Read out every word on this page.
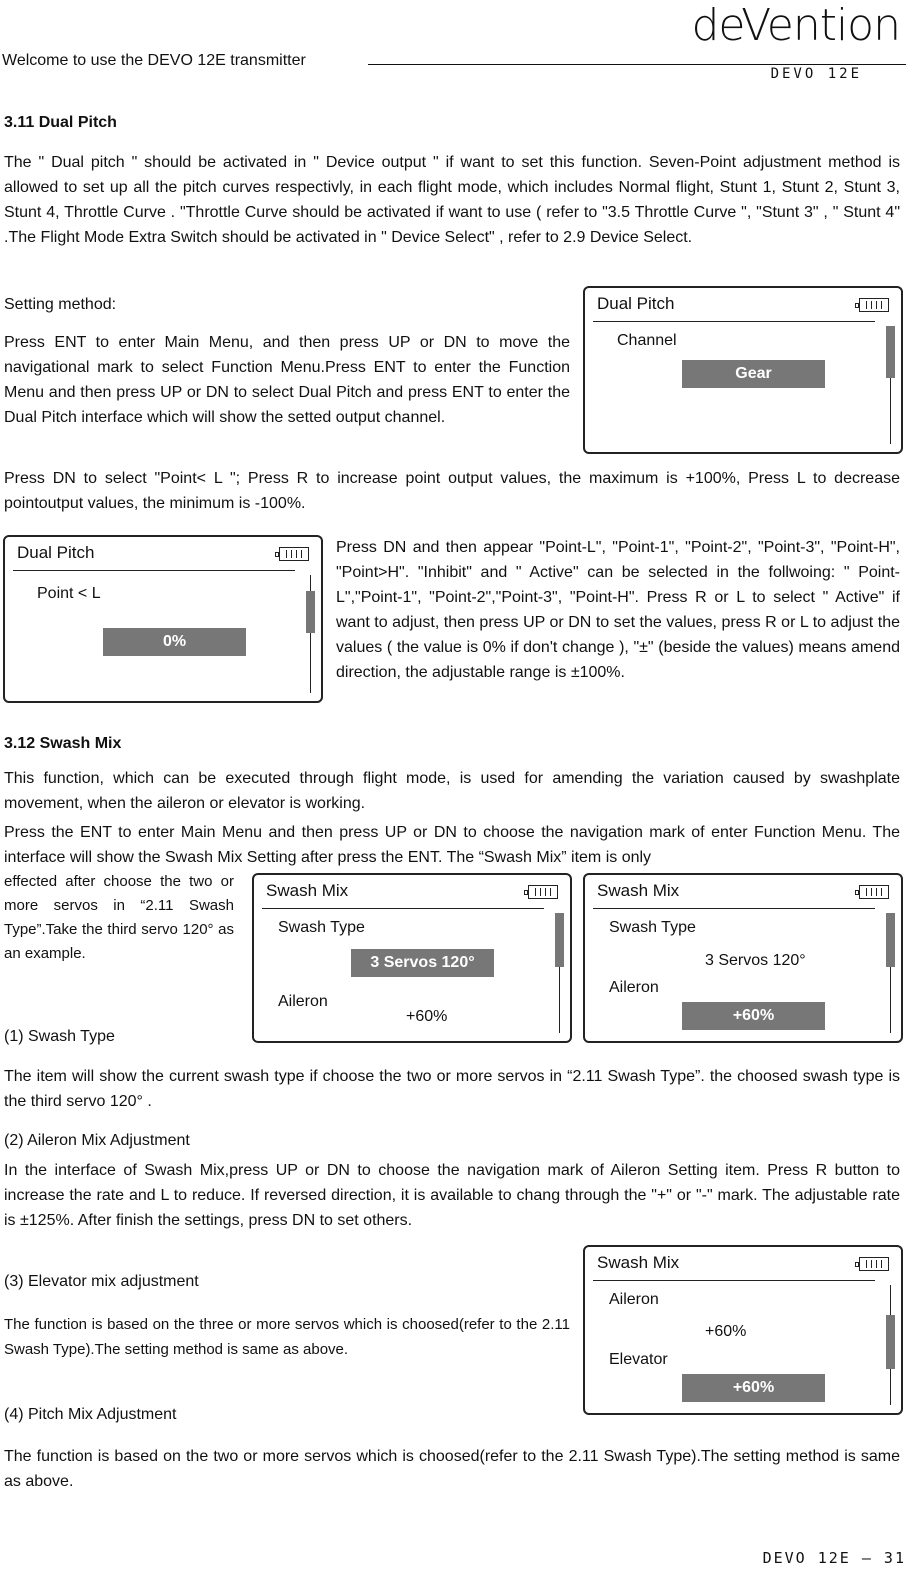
Welcome to use the DEVO 12E transmitter
deVention
DEVO 12E
3.11 Dual Pitch

The " Dual pitch " should be activated in " Device output " if want to set this function. Seven-Point adjustment method is allowed to set up all the pitch curves respectivly, in each flight mode, which includes Normal flight, Stunt 1, Stunt 2, Stunt 3, Stunt 4, Throttle Curve . "Throttle Curve should be activated if want to use ( refer to "3.5 Throttle Curve ", "Stunt 3" , " Stunt 4" .The Flight Mode Extra Switch should be activated in " Device Select" , refer to 2.9 Device Select.

Setting method:

Press ENT to enter Main Menu, and then press UP or DN to move the navigational mark to select Function Menu.Press ENT to enter the Function Menu and then press UP or DN to select Dual Pitch and press ENT to enter the Dual Pitch interface which will show the setted output channel.

Dual Pitch
Channel
Gear

Press DN to select "Point< L "; Press R to increase point output values, the maximum is +100%, Press L to decrease pointoutput values, the minimum is -100%.

Dual Pitch
Point < L
0%

Press DN and then appear "Point-L", "Point-1", "Point-2", "Point-3", "Point-H", "Point>H". "Inhibit" and " Active" can be selected in the follwoing: " Point-L","Point-1", "Point-2","Point-3", "Point-H". Press R or L to select " Active" if want to adjust, then press UP or DN to set the values, press R or L to adjust the values ( the value is 0% if don't change ), "±" (beside the values) means amend direction, the adjustable range is ±100%.

3.12 Swash Mix

This function, which can be executed through flight mode, is used for amending the variation caused by swashplate movement, when the aileron or elevator is working.

Press the ENT to enter Main Menu and then press UP or DN to choose the navigation mark of enter Function Menu. The interface will show the Swash Mix Setting after press the ENT. The “Swash Mix” item is only

effected after choose the two or more servos in “2.11 Swash Type”.Take the third servo 120° as an example.

Swash Mix
Swash Type
3 Servos 120°
Aileron
+60%
Swash Mix
Swash Type
3 Servos 120°
Aileron
+60%

(1) Swash Type

The item will show the current swash type if choose the two or more servos in “2.11 Swash Type”. the choosed swash type is the third servo 120° .

(2) Aileron Mix Adjustment

In the interface of Swash Mix,press UP or DN to choose the navigation mark of Aileron Setting item. Press R button to increase the rate and L to reduce. If reversed direction, it is available to chang through the "+" or "-" mark. The adjustable rate is ±125%. After finish the settings, press DN to set others.

Swash Mix
Aileron
+60%
Elevator
+60%

(3) Elevator mix adjustment

The function is based on the three or more servos which is choosed(refer to the 2.11 Swash Type).The setting method is same as above.

(4) Pitch Mix Adjustment

The function is based on the two or more servos which is choosed(refer to the 2.11 Swash Type).The setting method is same as above.

DEVO 12E – 31
